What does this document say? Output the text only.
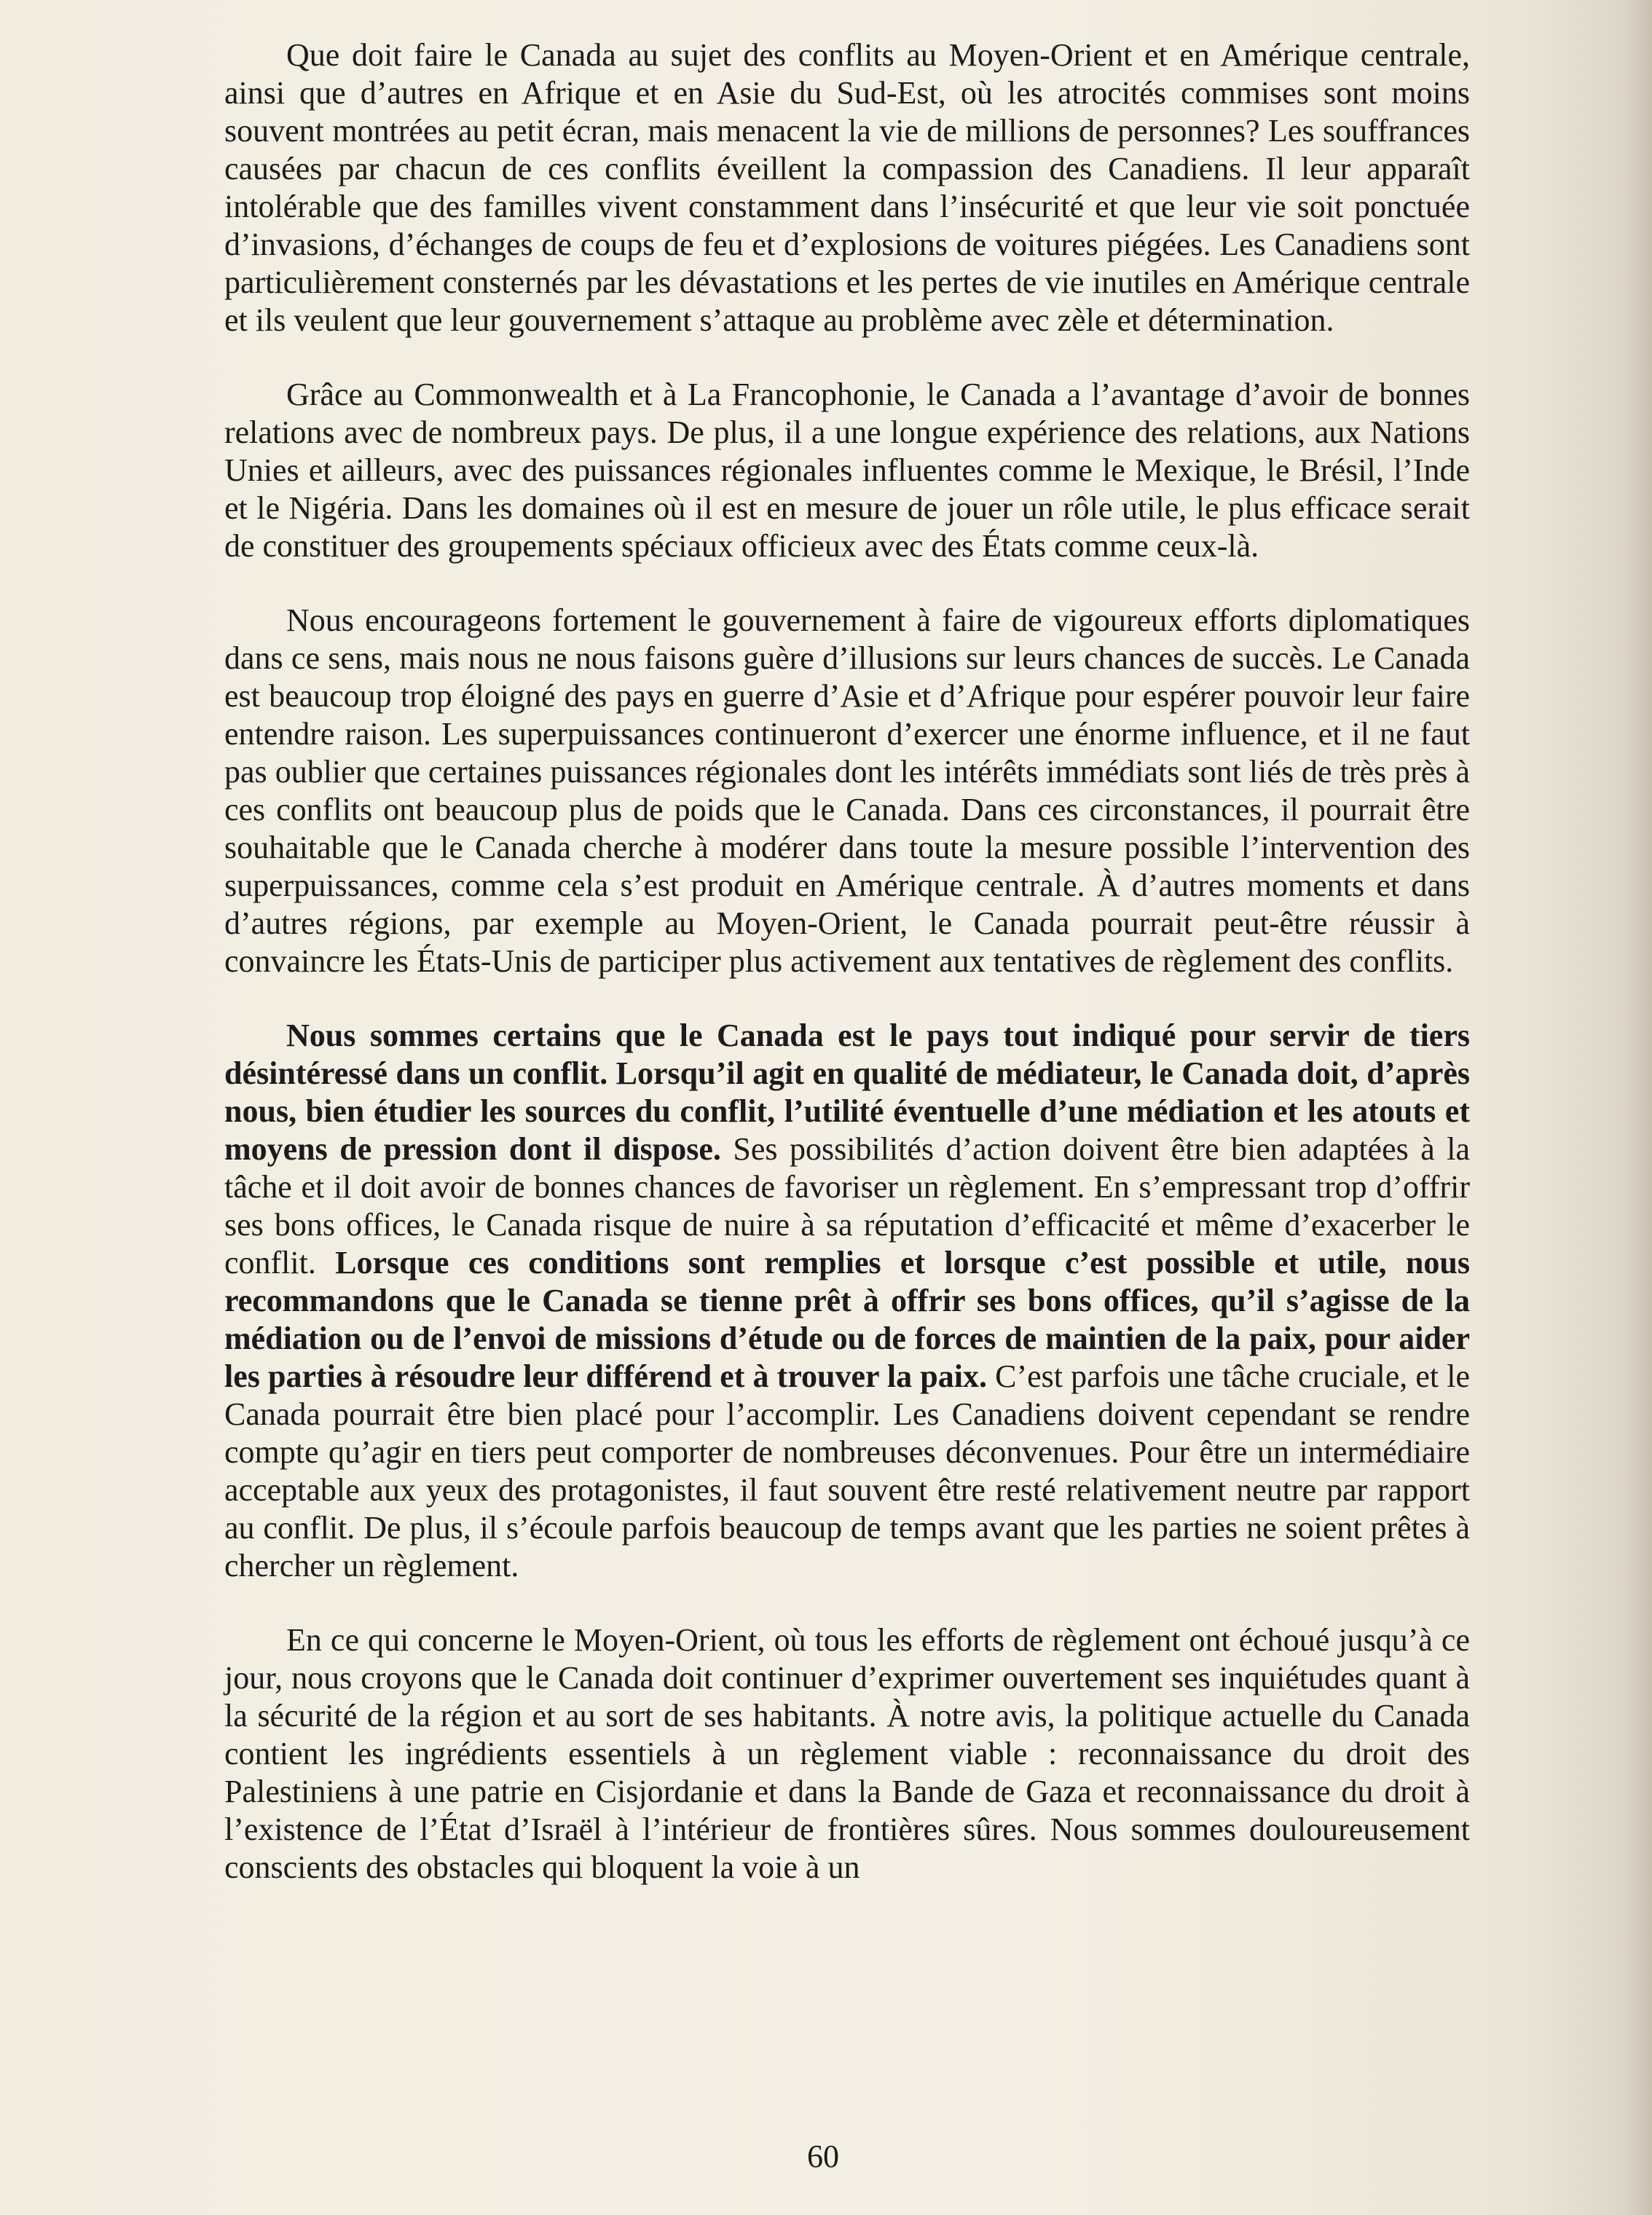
Que doit faire le Canada au sujet des conflits au Moyen-Orient et en Amérique centrale, ainsi que d’autres en Afrique et en Asie du Sud-Est, où les atrocités commises sont moins souvent montrées au petit écran, mais menacent la vie de millions de personnes? Les souffrances causées par chacun de ces conflits éveillent la compassion des Canadiens. Il leur apparaît intolérable que des familles vivent constamment dans l’insécurité et que leur vie soit ponctuée d’invasions, d’échanges de coups de feu et d’explosions de voitures piégées. Les Canadiens sont particulièrement consternés par les dévastations et les pertes de vie inutiles en Amérique centrale et ils veulent que leur gouvernement s’attaque au problème avec zèle et détermination.

Grâce au Commonwealth et à La Francophonie, le Canada a l’avantage d’avoir de bonnes relations avec de nombreux pays. De plus, il a une longue expérience des relations, aux Nations Unies et ailleurs, avec des puissances régionales influentes comme le Mexique, le Brésil, l’Inde et le Nigéria. Dans les domaines où il est en mesure de jouer un rôle utile, le plus efficace serait de constituer des groupements spéciaux officieux avec des États comme ceux-là.

Nous encourageons fortement le gouvernement à faire de vigoureux efforts diplomatiques dans ce sens, mais nous ne nous faisons guère d’illusions sur leurs chances de succès. Le Canada est beaucoup trop éloigné des pays en guerre d’Asie et d’Afrique pour espérer pouvoir leur faire entendre raison. Les superpuissances continueront d’exercer une énorme influence, et il ne faut pas oublier que certaines puissances régionales dont les intérêts immédiats sont liés de très près à ces conflits ont beaucoup plus de poids que le Canada. Dans ces circonstances, il pourrait être souhaitable que le Canada cherche à modérer dans toute la mesure possible l’intervention des superpuissances, comme cela s’est produit en Amérique centrale. À d’autres moments et dans d’autres régions, par exemple au Moyen-Orient, le Canada pourrait peut-être réussir à convaincre les États-Unis de participer plus activement aux tentatives de règlement des conflits.

Nous sommes certains que le Canada est le pays tout indiqué pour servir de tiers désintéressé dans un conflit. Lorsqu’il agit en qualité de médiateur, le Canada doit, d’après nous, bien étudier les sources du conflit, l’utilité éventuelle d’une médiation et les atouts et moyens de pression dont il dispose. Ses possibilités d’action doivent être bien adaptées à la tâche et il doit avoir de bonnes chances de favoriser un règlement. En s’empressant trop d’offrir ses bons offices, le Canada risque de nuire à sa réputation d’efficacité et même d’exacerber le conflit. Lorsque ces conditions sont remplies et lorsque c’est possible et utile, nous recommandons que le Canada se tienne prêt à offrir ses bons offices, qu’il s’agisse de la médiation ou de l’envoi de missions d’étude ou de forces de maintien de la paix, pour aider les parties à résoudre leur différend et à trouver la paix. C’est parfois une tâche cruciale, et le Canada pourrait être bien placé pour l’accomplir. Les Canadiens doivent cependant se rendre compte qu’agir en tiers peut comporter de nombreuses déconvenues. Pour être un intermédiaire acceptable aux yeux des protagonistes, il faut souvent être resté relativement neutre par rapport au conflit. De plus, il s’écoule parfois beaucoup de temps avant que les parties ne soient prêtes à chercher un règlement.

En ce qui concerne le Moyen-Orient, où tous les efforts de règlement ont échoué jusqu’à ce jour, nous croyons que le Canada doit continuer d’exprimer ouvertement ses inquiétudes quant à la sécurité de la région et au sort de ses habitants. À notre avis, la politique actuelle du Canada contient les ingrédients essentiels à un règlement viable : reconnaissance du droit des Palestiniens à une patrie en Cisjordanie et dans la Bande de Gaza et reconnaissance du droit à l’existence de l’État d’Israël à l’intérieur de frontières sûres. Nous sommes douloureusement conscients des obstacles qui bloquent la voie à un

60
